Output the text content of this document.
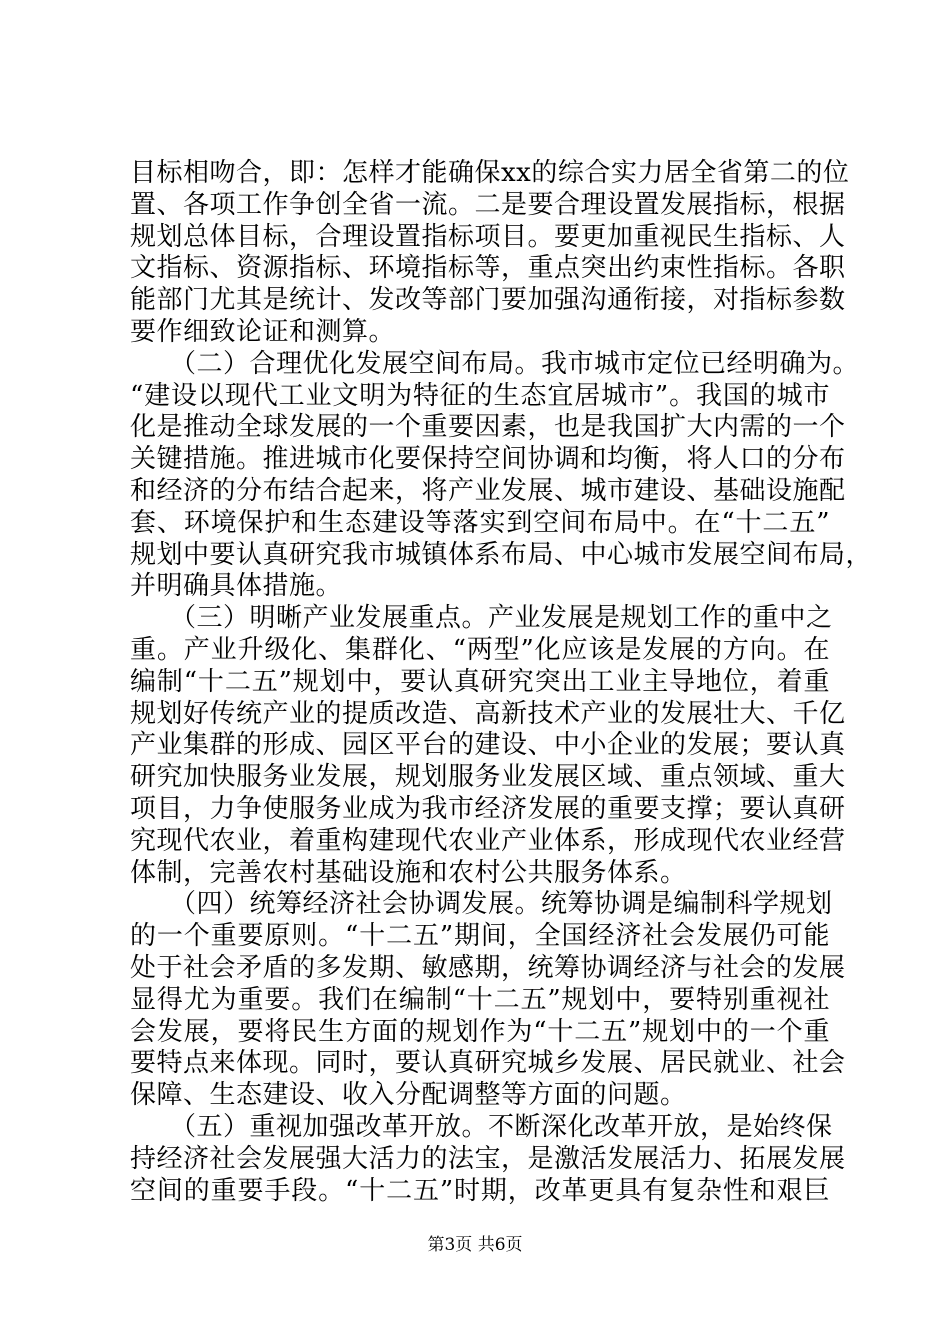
目标相吻合，即：怎样才能确保xx的综合实力居全省第二的位
置、各项工作争创全省一流。二是要合理设置发展指标，根据
规划总体目标，合理设置指标项目。要更加重视民生指标、人
文指标、资源指标、环境指标等，重点突出约束性指标。各职
能部门尤其是统计、发改等部门要加强沟通衔接，对指标参数
要作细致论证和测算。
　　（二）合理优化发展空间布局。我市城市定位已经明确为。
“建设以现代工业文明为特征的生态宜居城市”。我国的城市
化是推动全球发展的一个重要因素，也是我国扩大内需的一个
关键措施。推进城市化要保持空间协调和均衡，将人口的分布
和经济的分布结合起来，将产业发展、城市建设、基础设施配
套、环境保护和生态建设等落实到空间布局中。在“十二五”
规划中要认真研究我市城镇体系布局、中心城市发展空间布局，
并明确具体措施。
　　（三）明晰产业发展重点。产业发展是规划工作的重中之
重。产业升级化、集群化、“两型”化应该是发展的方向。在
编制“十二五”规划中，要认真研究突出工业主导地位，着重
规划好传统产业的提质改造、高新技术产业的发展壮大、千亿
产业集群的形成、园区平台的建设、中小企业的发展；要认真
研究加快服务业发展，规划服务业发展区域、重点领域、重大
项目，力争使服务业成为我市经济发展的重要支撑；要认真研
究现代农业，着重构建现代农业产业体系，形成现代农业经营
体制，完善农村基础设施和农村公共服务体系。
　　（四）统筹经济社会协调发展。统筹协调是编制科学规划
的一个重要原则。“十二五”期间，全国经济社会发展仍可能
处于社会矛盾的多发期、敏感期，统筹协调经济与社会的发展
显得尤为重要。我们在编制“十二五”规划中，要特别重视社
会发展，要将民生方面的规划作为“十二五”规划中的一个重
要特点来体现。同时，要认真研究城乡发展、居民就业、社会
保障、生态建设、收入分配调整等方面的问题。
　　（五）重视加强改革开放。不断深化改革开放，是始终保
持经济社会发展强大活力的法宝，是激活发展活力、拓展发展
空间的重要手段。“十二五”时期，改革更具有复杂性和艰巨
第3页 共6页
